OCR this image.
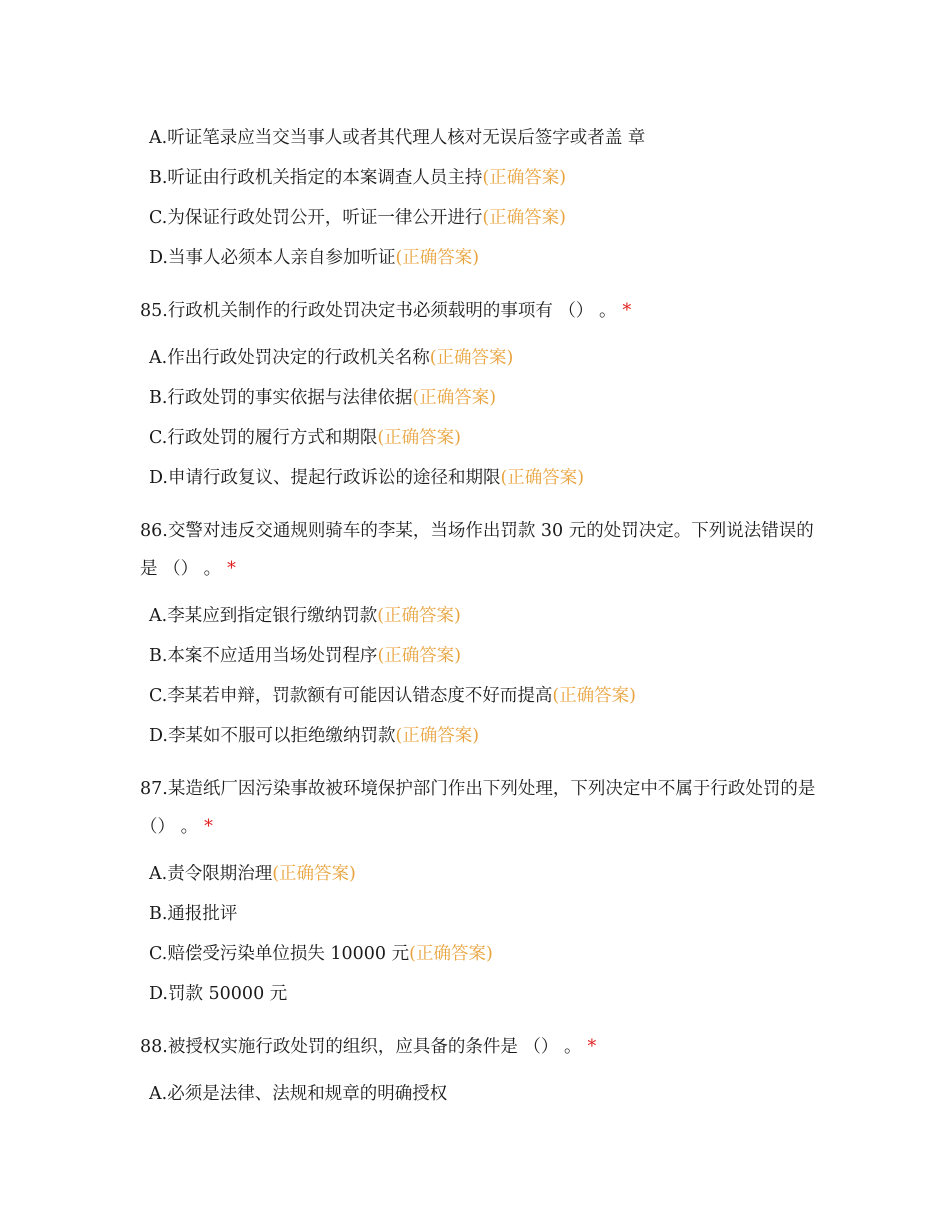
A.听证笔录应当交当事人或者其代理人核对无误后签字或者盖 章
B.听证由行政机关指定的本案调查人员主持(正确答案)
C.为保证行政处罚公开，听证一律公开进行(正确答案)
D.当事人必须本人亲自参加听证(正确答案)
85.行政机关制作的行政处罚决定书必须载明的事项有 （） 。 *
A.作出行政处罚决定的行政机关名称(正确答案)
B.行政处罚的事实依据与法律依据(正确答案)
C.行政处罚的履行方式和期限(正确答案)
D.申请行政复议、提起行政诉讼的途径和期限(正确答案)
86.交警对违反交通规则骑车的李某，当场作出罚款 30 元的处罚决定。下列说法错误的是 （） 。 *
A.李某应到指定银行缴纳罚款(正确答案)
B.本案不应适用当场处罚程序(正确答案)
C.李某若申辩，罚款额有可能因认错态度不好而提高(正确答案)
D.李某如不服可以拒绝缴纳罚款(正确答案)
87.某造纸厂因污染事故被环境保护部门作出下列处理，下列决定中不属于行政处罚的是 （） 。 *
A.责令限期治理(正确答案)
B.通报批评
C.赔偿受污染单位损失 10000 元(正确答案)
D.罚款 50000 元
88.被授权实施行政处罚的组织，应具备的条件是 （） 。 *
A.必须是法律、法规和规章的明确授权
